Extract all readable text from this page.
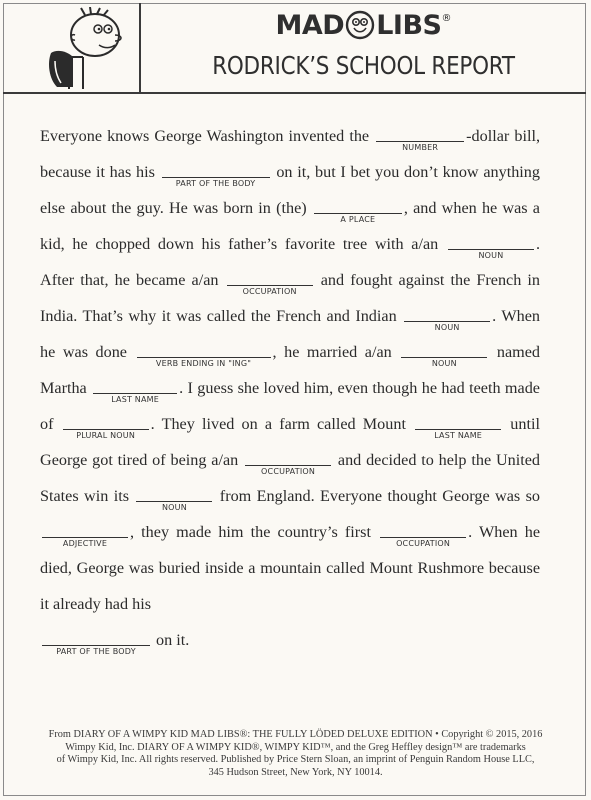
MAD LIBS ®
RODRICK’S SCHOOL REPORT
Everyone knows George Washington invented the
NUMBER
-dollar bill, because it has his
PART OF THE BODY
on it, but I bet you don’t know anything else about the guy. He was born in (the)
A PLACE
, and when he was a kid, he chopped down his father’s favorite tree with a/an
NOUN
. After that, he became a/an
OCCUPATION
and fought against the French in India. That’s why it was called the French and Indian
NOUN
. When he was done
VERB ENDING IN "ING"
, he married a/an
NOUN
named Martha
LAST NAME
. I guess she loved him, even though he had teeth made of
PLURAL NOUN
. They lived on a farm called Mount
LAST NAME
until George got tired of being a/an
OCCUPATION
and decided to help the United States win its
NOUN
from England. Everyone thought George was so
ADJECTIVE
, they made him the country’s first
OCCUPATION
. When he died, George was buried inside a mountain called Mount Rushmore because it already had his

PART OF THE BODY
on it.
From DIARY OF A WIMPY KID MAD LIBS®: THE FULLY LÖDED DELUXE EDITION • Copyright © 2015, 2016
Wimpy Kid, Inc. DIARY OF A WIMPY KID®, WIMPY KID™, and the Greg Heffley design™ are trademarks
of Wimpy Kid, Inc. All rights reserved. Published by Price Stern Sloan, an imprint of Penguin Random House LLC,
345 Hudson Street, New York, NY 10014.
